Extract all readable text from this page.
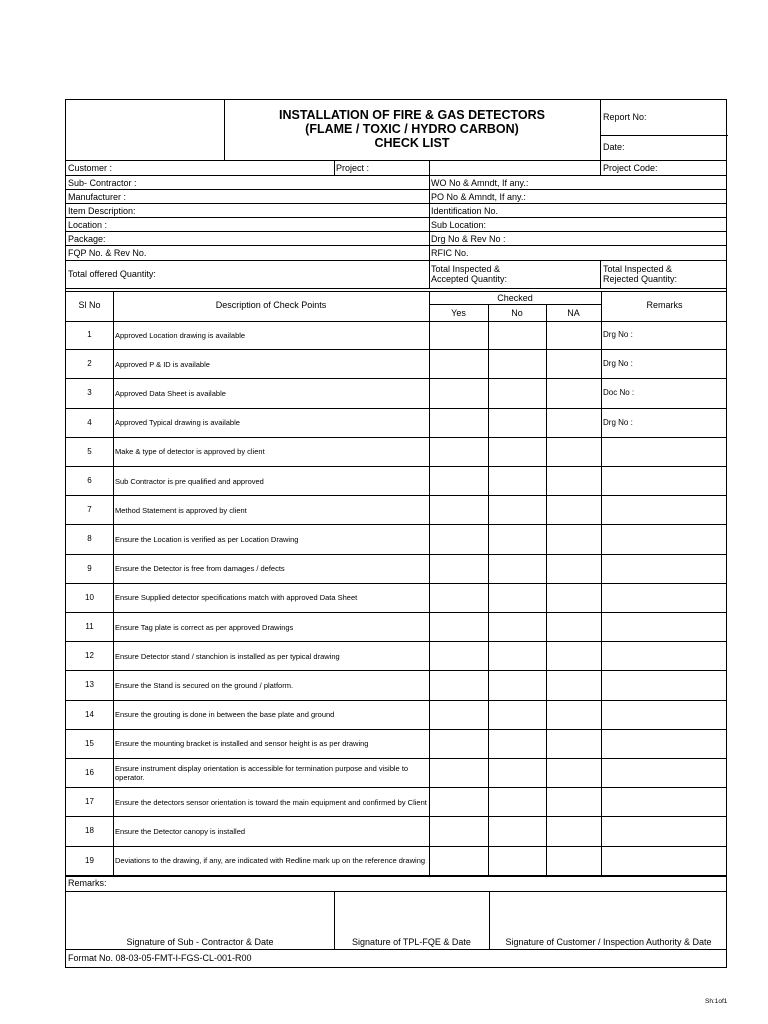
INSTALLATION OF FIRE & GAS DETECTORS
(FLAME / TOXIC / HYDRO CARBON)
CHECK LIST
Report No:
Date:
Customer :	Project :	Project Code:
Sub- Contractor :	WO No & Amndt, If any.:
Manufacturer :	PO No & Amndt, If any.:
Item Description:	Identification No.
Location :	Sub Location:
Package:	Drg No & Rev No :
FQP No. & Rev No.	RFIC No.
Total offered Quantity:	Total Inspected &
Accepted Quantity:
Total Inspected &
Rejected Quantity:
Sl No	Description of Check Points
Checked
Yes	No	NA
Remarks
1	Approved Location drawing is available	Drg No :
2	Approved P & ID is available	Drg No :
3	Approved Data Sheet is available	Doc No :
4	Approved Typical drawing is available	Drg No :
5	Make & type of detector is approved by client
6	Sub Contractor is pre qualified and approved
7	Method Statement is approved by client
8	Ensure the Location is verified as per Location Drawing
9	Ensure the Detector is free from damages / defects
10	Ensure Supplied detector specifications match with approved Data Sheet
11	Ensure Tag plate is correct as per approved Drawings
12	Ensure Detector stand / stanchion is installed as per typical drawing
13	Ensure the Stand is secured on the ground / platform.
14	Ensure the grouting is done in between the base plate and ground
15	Ensure the mounting bracket is installed and sensor height is as per drawing
16	Ensure instrument display orientation is accessible for termination purpose and visible to operator.
17	Ensure the detectors sensor orientation is toward the main equipment and confirmed by Client
18	Ensure the Detector canopy is installed
19	Deviations to the drawing, if any, are indicated with Redline mark up on the reference drawing
Remarks:
Signature of Sub - Contractor & Date	Signature of TPL-FQE & Date	Signature of Customer / Inspection Authority & Date
Format No. 08-03-05-FMT-I-FGS-CL-001-R00
Sh:1of1
